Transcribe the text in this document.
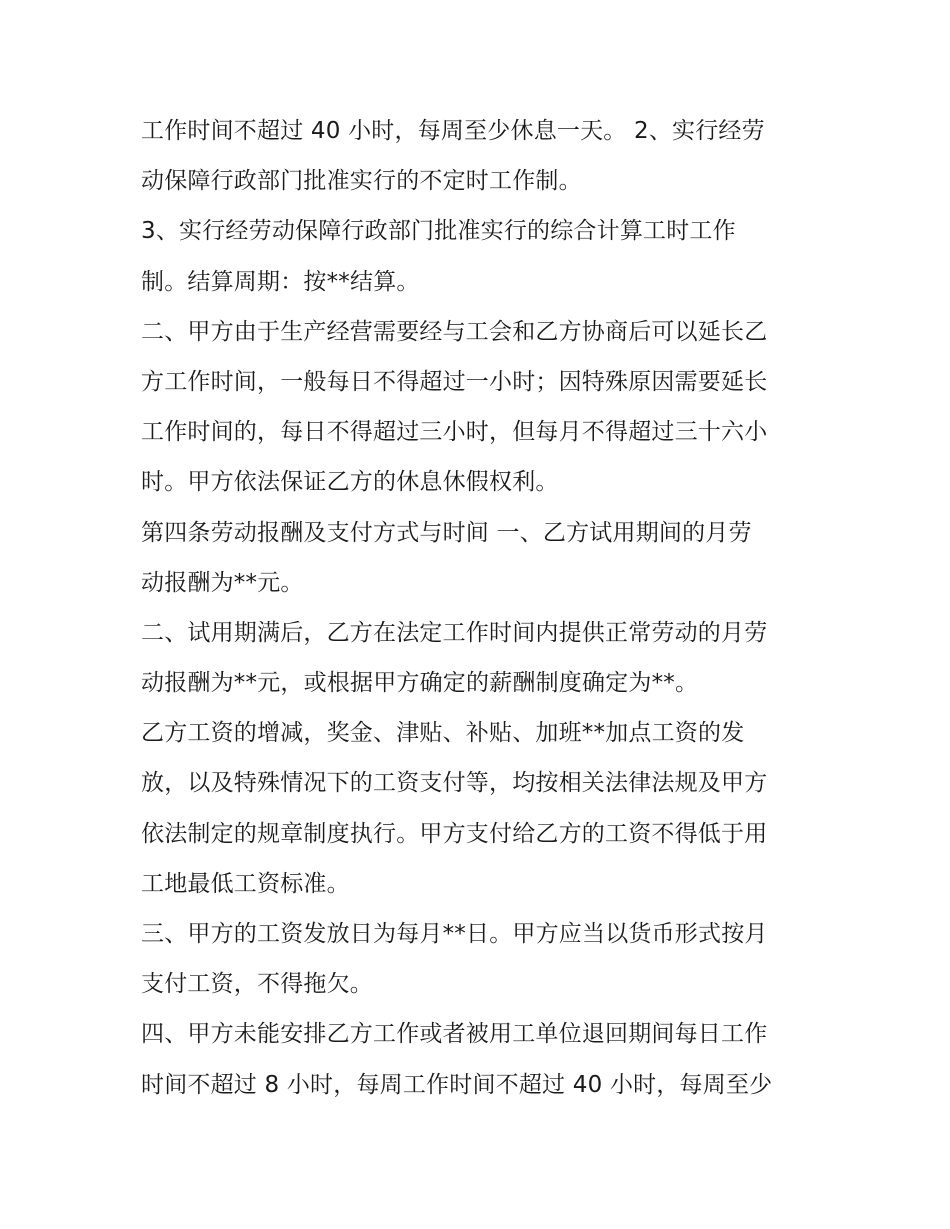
工作时间不超过 40 小时，每周至少休息一天。 2、实行经劳
动保障行政部门批准实行的不定时工作制。
3、实行经劳动保障行政部门批准实行的综合计算工时工作
制。结算周期：按**结算。
二、甲方由于生产经营需要经与工会和乙方协商后可以延长乙
方工作时间，一般每日不得超过一小时；因特殊原因需要延长
工作时间的，每日不得超过三小时，但每月不得超过三十六小
时。甲方依法保证乙方的休息休假权利。
第四条劳动报酬及支付方式与时间 一、乙方试用期间的月劳
动报酬为**元。
二、试用期满后，乙方在法定工作时间内提供正常劳动的月劳
动报酬为**元，或根据甲方确定的薪酬制度确定为**。
乙方工资的增减，奖金、津贴、补贴、加班**加点工资的发
放，以及特殊情况下的工资支付等，均按相关法律法规及甲方
依法制定的规章制度执行。甲方支付给乙方的工资不得低于用
工地最低工资标准。
三、甲方的工资发放日为每月**日。甲方应当以货币形式按月
支付工资，不得拖欠。
四、甲方未能安排乙方工作或者被用工单位退回期间每日工作
时间不超过 8 小时，每周工作时间不超过 40 小时，每周至少
